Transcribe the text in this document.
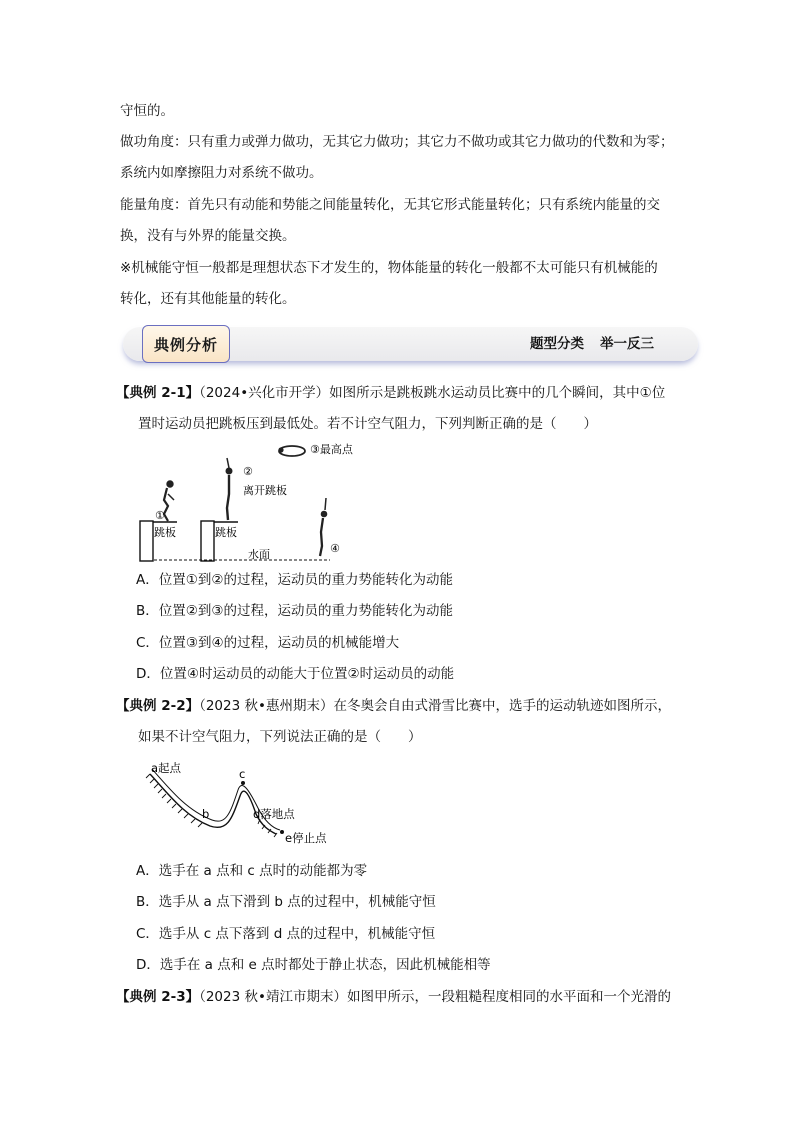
守恒的。
做功角度：只有重力或弹力做功，无其它力做功；其它力不做功或其它力做功的代数和为零；
系统内如摩擦阻力对系统不做功。
能量角度：首先只有动能和势能之间能量转化，无其它形式能量转化；只有系统内能量的交
换，没有与外界的能量交换。
※机械能守恒一般都是理想状态下才发生的，物体能量的转化一般都不太可能只有机械能的
转化，还有其他能量的转化。
典例分析	题型分类 举一反三
【典例 2-1】（2024•兴化市开学）如图所示是跳板跳水运动员比赛中的几个瞬间，其中①位
置时运动员把跳板压到最低处。若不计空气阻力，下列判断正确的是（　　）
跳板	跳板
水面
①
②
离开跳板
③最高点
④
A．位置①到②的过程，运动员的重力势能转化为动能
B．位置②到③的过程，运动员的重力势能转化为动能
C．位置③到④的过程，运动员的机械能增大
D．位置④时运动员的动能大于位置②时运动员的动能
【典例 2-2】（2023 秋•惠州期末）在冬奥会自由式滑雪比赛中，选手的运动轨迹如图所示，
如果不计空气阻力，下列说法正确的是（　　）
a起点
b
c
d落地点
e停止点
A．选手在 a 点和 c 点时的动能都为零
B．选手从 a 点下滑到 b 点的过程中，机械能守恒
C．选手从 c 点下落到 d 点的过程中，机械能守恒
D．选手在 a 点和 e 点时都处于静止状态，因此机械能相等
【典例 2-3】（2023 秋•靖江市期末）如图甲所示，一段粗糙程度相同的水平面和一个光滑的
